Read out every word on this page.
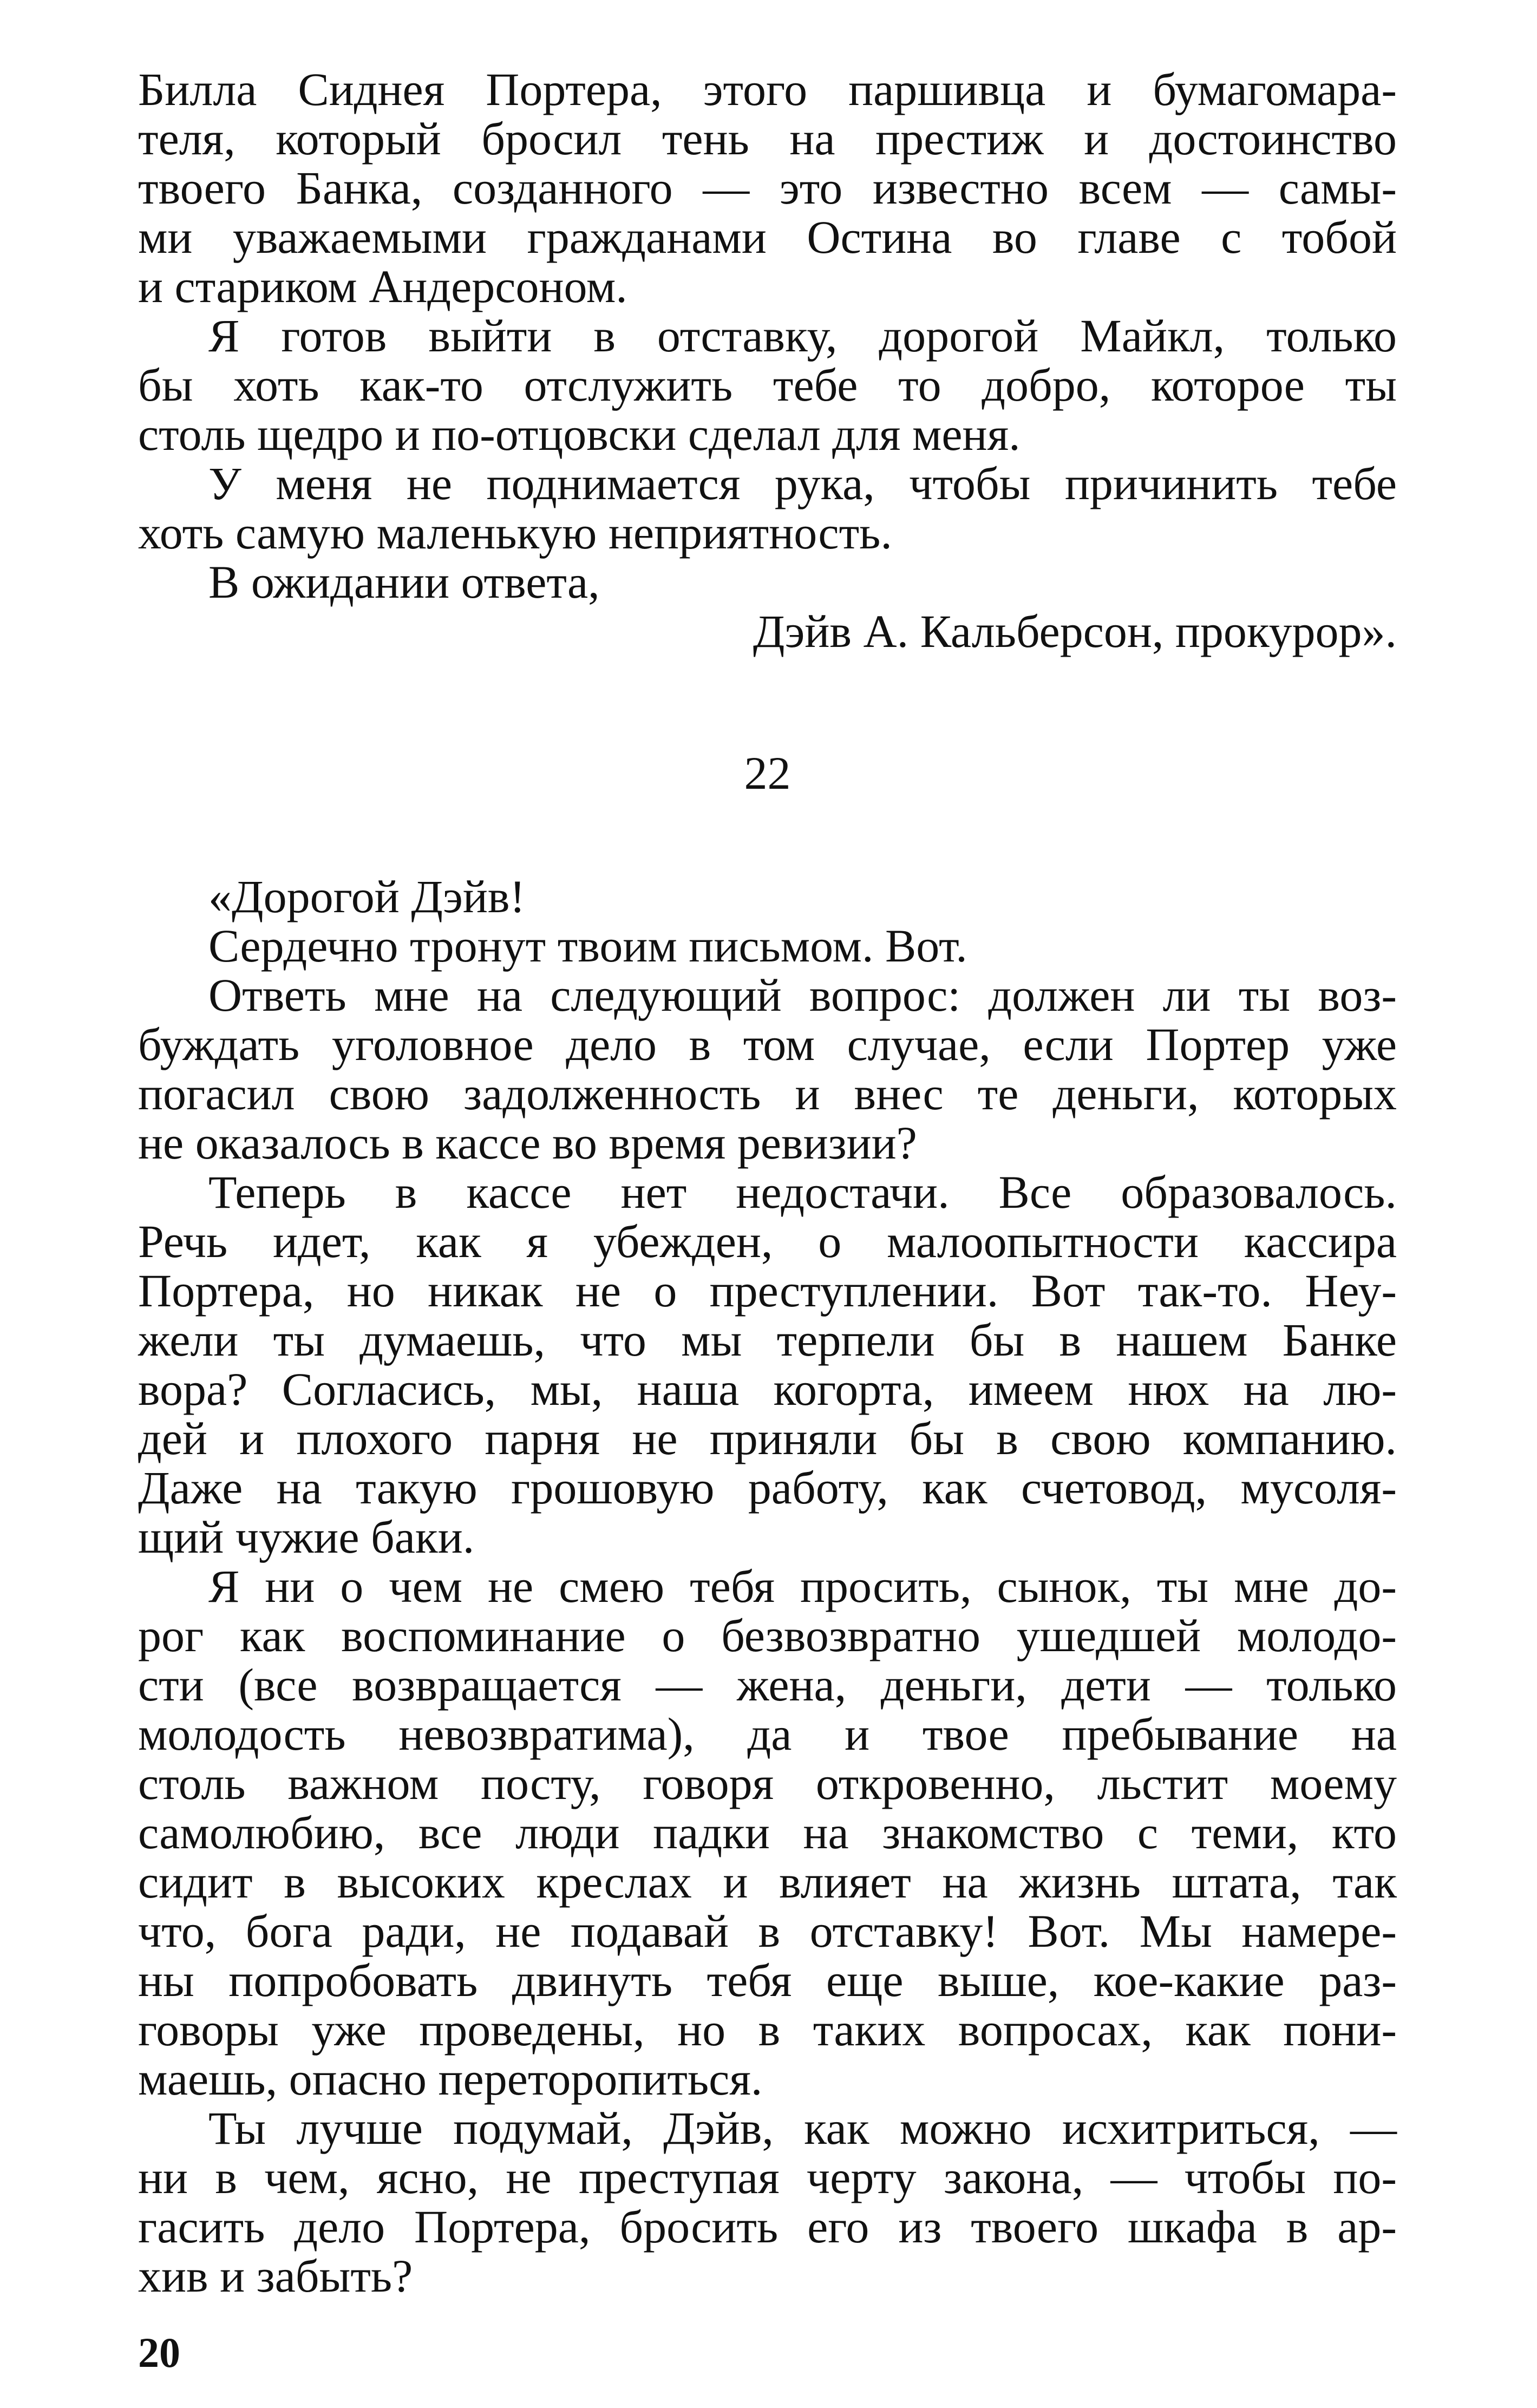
Билла Сиднея Портера, этого паршивца и бумагомара-
теля, который бросил тень на престиж и достоинство
твоего Банка, созданного — это известно всем — самы-
ми уважаемыми гражданами Остина во главе с тобой
и стариком Андерсоном.
Я готов выйти в отставку, дорогой Майкл, только
бы хоть как-то отслужить тебе то добро, которое ты
столь щедро и по-отцовски сделал для меня.
У меня не поднимается рука, чтобы причинить тебе
хоть самую маленькую неприятность.
В ожидании ответа,
Дэйв А. Кальберсон, прокурор».
22
«Дорогой Дэйв!
Сердечно тронут твоим письмом. Вот.
Ответь мне на следующий вопрос: должен ли ты воз-
буждать уголовное дело в том случае, если Портер уже
погасил свою задолженность и внес те деньги, которых
не оказалось в кассе во время ревизии?
Теперь в кассе нет недостачи. Все образовалось.
Речь идет, как я убежден, о малоопытности кассира
Портера, но никак не о преступлении. Вот так-то. Неу-
жели ты думаешь, что мы терпели бы в нашем Банке
вора? Согласись, мы, наша когорта, имеем нюх на лю-
дей и плохого парня не приняли бы в свою компанию.
Даже на такую грошовую работу, как счетовод, мусоля-
щий чужие баки.
Я ни о чем не смею тебя просить, сынок, ты мне до-
рог как воспоминание о безвозвратно ушедшей молодо-
сти (все возвращается — жена, деньги, дети — только
молодость невозвратима), да и твое пребывание на
столь важном посту, говоря откровенно, льстит моему
самолюбию, все люди падки на знакомство с теми, кто
сидит в высоких креслах и влияет на жизнь штата, так
что, бога ради, не подавай в отставку! Вот. Мы намере-
ны попробовать двинуть тебя еще выше, кое-какие раз-
говоры уже проведены, но в таких вопросах, как пони-
маешь, опасно переторопиться.
Ты лучше подумай, Дэйв, как можно исхитриться, —
ни в чем, ясно, не преступая черту закона, — чтобы по-
гасить дело Портера, бросить его из твоего шкафа в ар-
хив и забыть?
20
